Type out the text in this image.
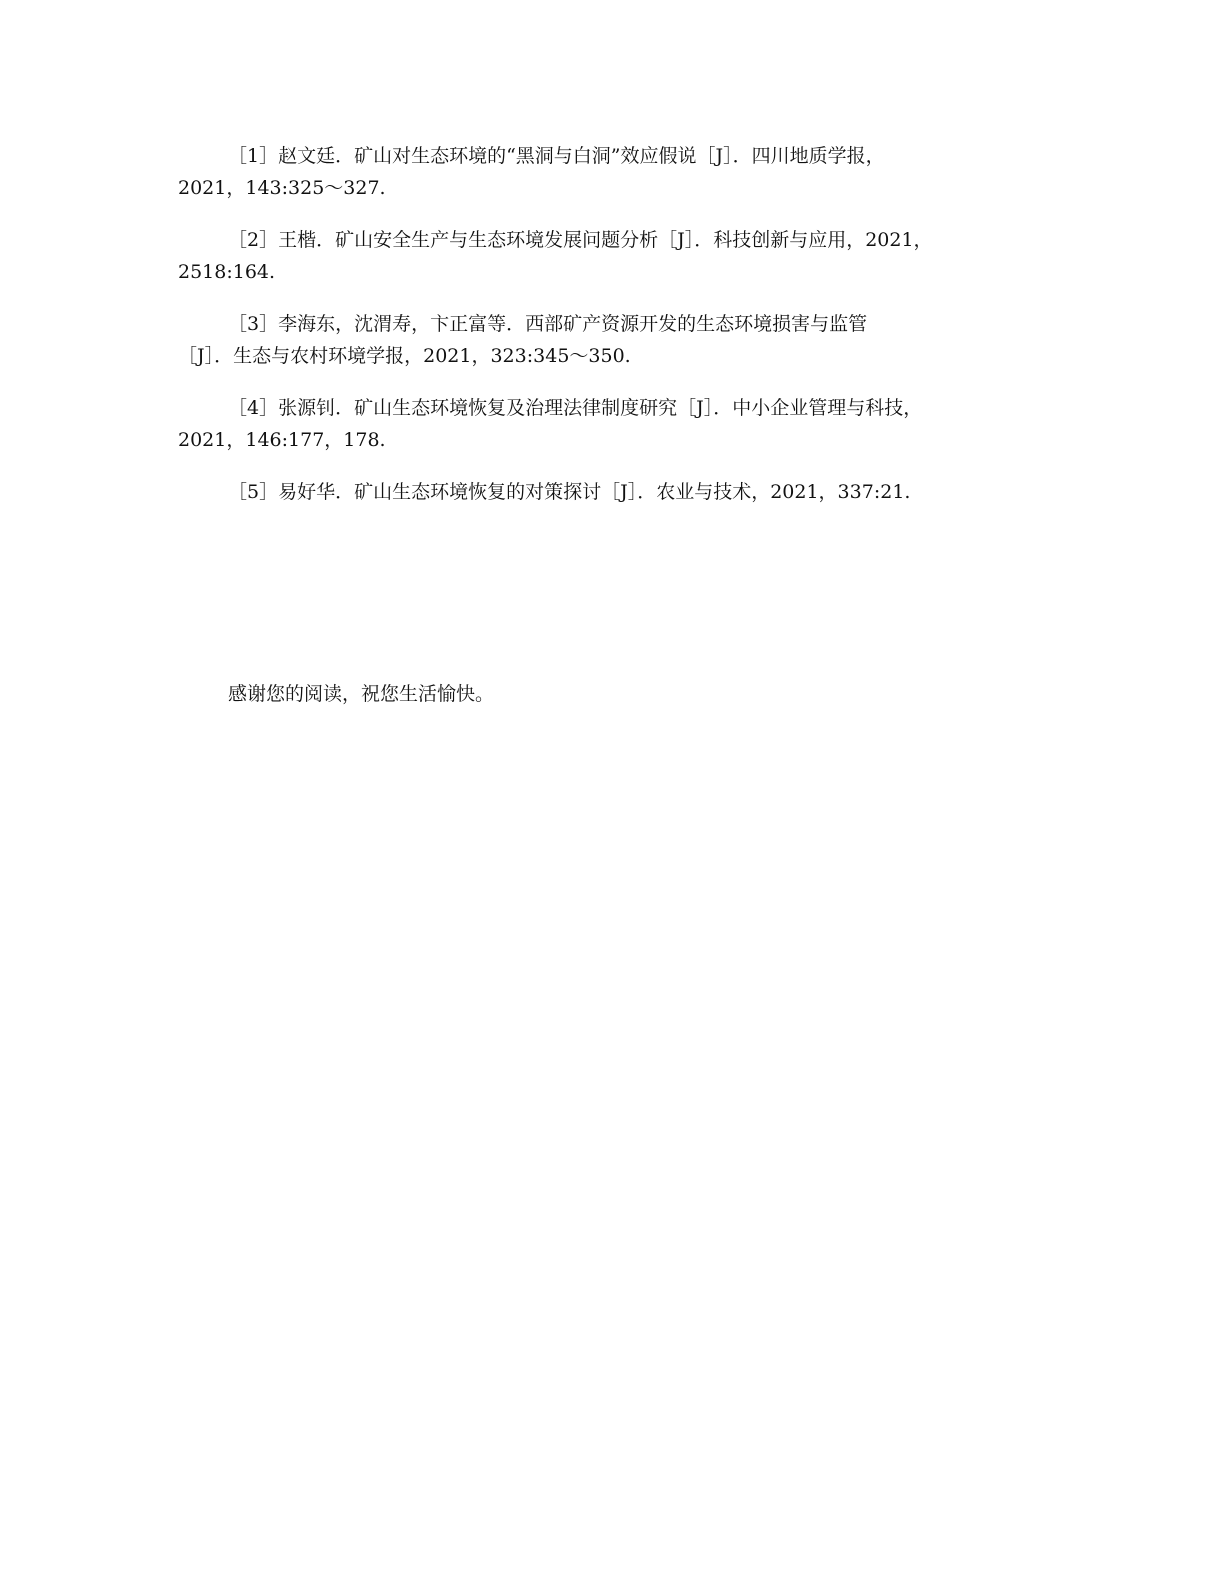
［1］赵文廷．矿山对生态环境的“黑洞与白洞”效应假说［J］．四川地质学报，
2021，143:325～327.

［2］王楷．矿山安全生产与生态环境发展问题分析［J］．科技创新与应用，2021，
2518:164.

［3］李海东，沈渭寿，卞正富等．西部矿产资源开发的生态环境损害与监管
［J］．生态与农村环境学报，2021，323:345～350.

［4］张源钊．矿山生态环境恢复及治理法律制度研究［J］．中小企业管理与科技，
2021，146:177，178.

［5］易好华．矿山生态环境恢复的对策探讨［J］．农业与技术，2021，337:21.

感谢您的阅读，祝您生活愉快。
